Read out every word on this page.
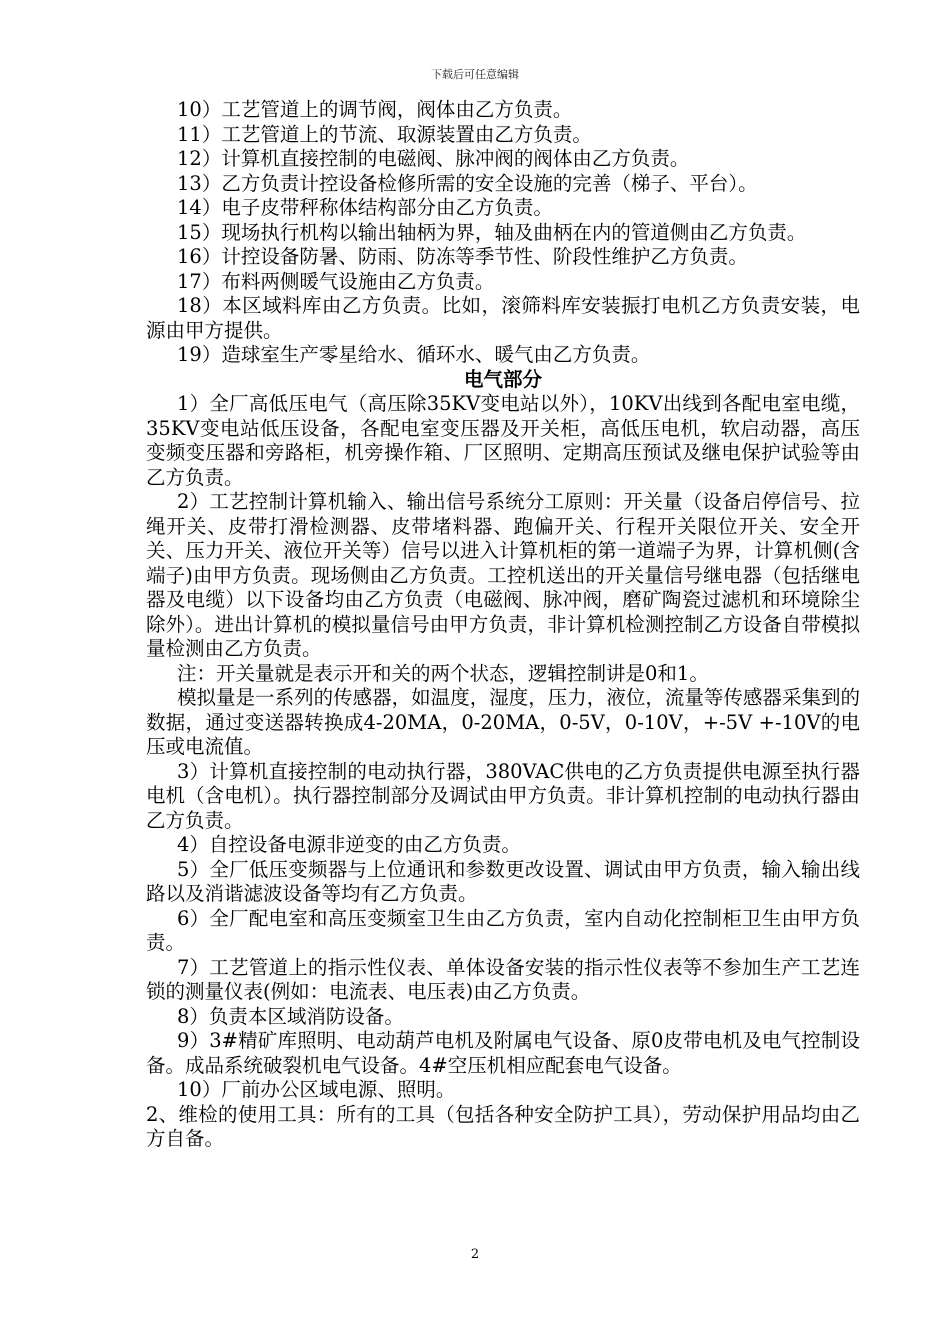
下载后可任意编辑

10）工艺管道上的调节阀，阀体由乙方负责。

11）工艺管道上的节流、取源装置由乙方负责。

12）计算机直接控制的电磁阀、脉冲阀的阀体由乙方负责。

13）乙方负责计控设备检修所需的安全设施的完善（梯子、平台）。

14）电子皮带秤称体结构部分由乙方负责。

15）现场执行机构以输出轴柄为界，轴及曲柄在内的管道侧由乙方负责。

16）计控设备防暑、防雨、防冻等季节性、阶段性维护乙方负责。

17）布料两侧暖气设施由乙方负责。

18）本区域料库由乙方负责。比如，滚筛料库安装振打电机乙方负责安装，电源由甲方提供。

19）造球室生产零星给水、循环水、暖气由乙方负责。

电气部分

1）全厂高低压电气（高压除35KV变电站以外），10KV出线到各配电室电缆，35KV变电站低压设备，各配电室变压器及开关柜，高低压电机，软启动器，高压变频变压器和旁路柜，机旁操作箱、厂区照明、定期高压预试及继电保护试验等由乙方负责。

2）工艺控制计算机输入、输出信号系统分工原则：开关量（设备启停信号、拉绳开关、皮带打滑检测器、皮带堵料器、跑偏开关、行程开关限位开关、安全开关、压力开关、液位开关等）信号以进入计算机柜的第一道端子为界，计算机侧(含端子)由甲方负责。现场侧由乙方负责。工控机送出的开关量信号继电器（包括继电器及电缆）以下设备均由乙方负责（电磁阀、脉冲阀，磨矿陶瓷过滤机和环境除尘除外）。进出计算机的模拟量信号由甲方负责，非计算机检测控制乙方设备自带模拟量检测由乙方负责。

注：开关量就是表示开和关的两个状态，逻辑控制讲是0和1。

模拟量是一系列的传感器，如温度，湿度，压力，液位，流量等传感器采集到的数据，通过变送器转换成4-20MA，0-20MA，0-5V，0-10V，+-5V +-10V的电压或电流值。

3）计算机直接控制的电动执行器，380VAC供电的乙方负责提供电源至执行器电机（含电机）。执行器控制部分及调试由甲方负责。非计算机控制的电动执行器由乙方负责。

4）自控设备电源非逆变的由乙方负责。

5）全厂低压变频器与上位通讯和参数更改设置、调试由甲方负责，输入输出线路以及消谐滤波设备等均有乙方负责。

6）全厂配电室和高压变频室卫生由乙方负责，室内自动化控制柜卫生由甲方负责。

7）工艺管道上的指示性仪表、单体设备安装的指示性仪表等不参加生产工艺连锁的测量仪表(例如：电流表、电压表)由乙方负责。

8）负责本区域消防设备。

9）3#精矿库照明、电动葫芦电机及附属电气设备、原0皮带电机及电气控制设备。成品系统破裂机电气设备。4#空压机相应配套电气设备。

10）厂前办公区域电源、照明。

2、维检的使用工具：所有的工具（包括各种安全防护工具），劳动保护用品均由乙方自备。

2
